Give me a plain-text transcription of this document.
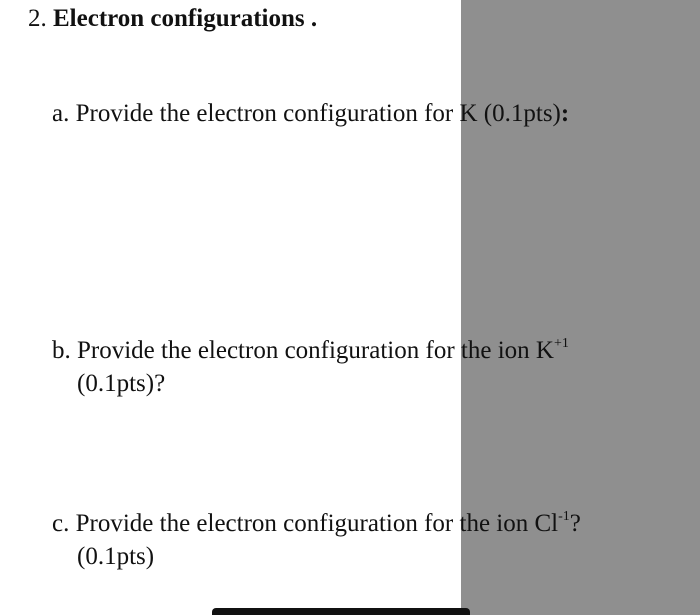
2. Electron configurations .
a. Provide the electron configuration for K (0.1pts):
b. Provide the electron configuration for the ion $K^{+1}$
(0.1pts)?
c. Provide the electron configuration for the ion $Cl^{-1}$?
(0.1pts)
